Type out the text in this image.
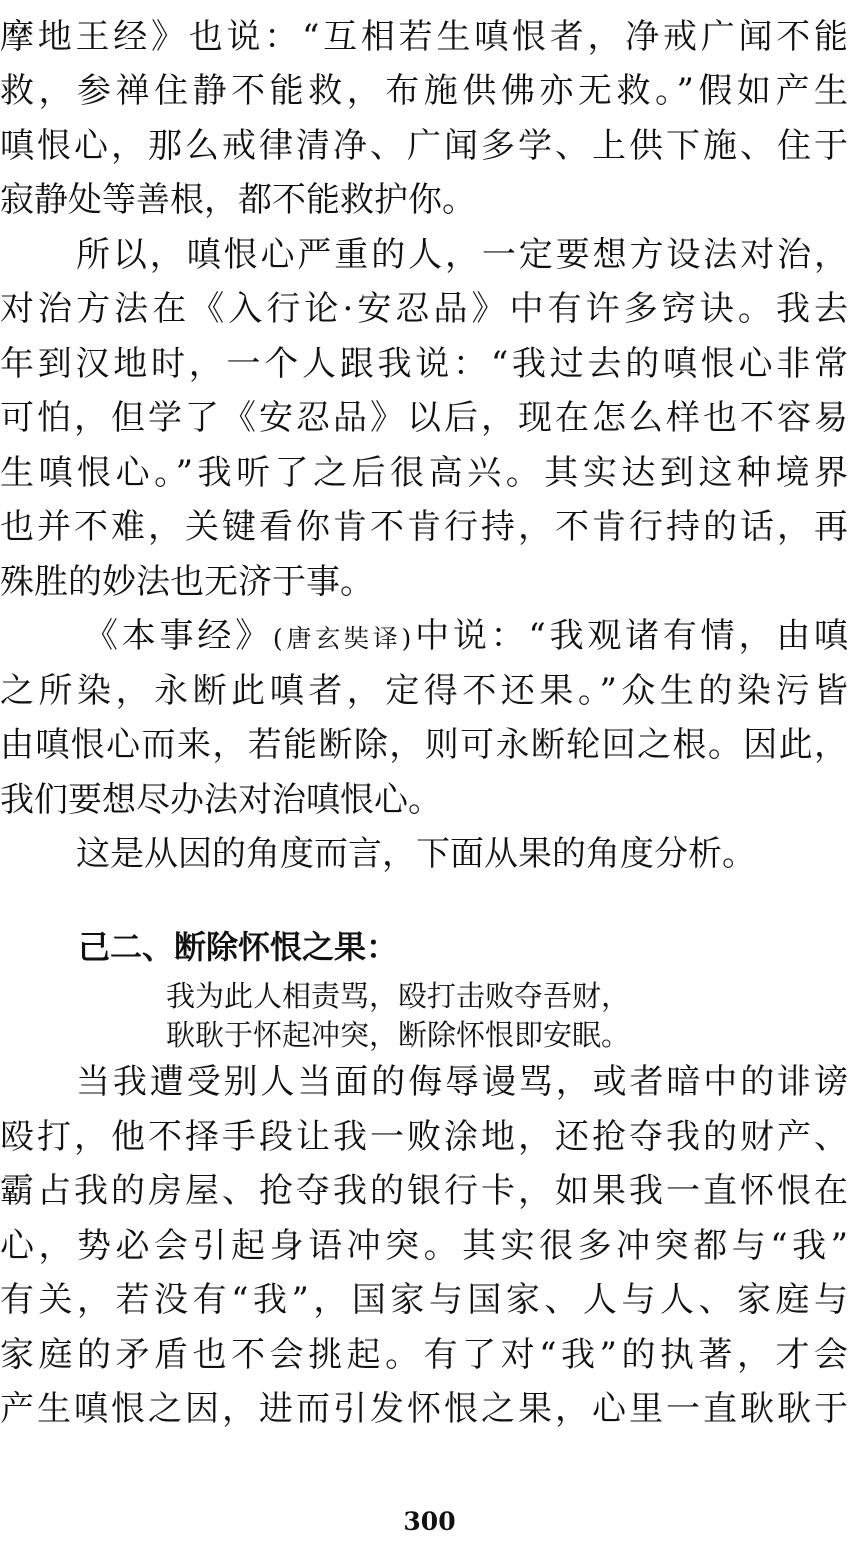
摩地王经》也说：“互相若生嗔恨者，净戒广闻不能
救，参禅住静不能救，布施供佛亦无救。”假如产生
嗔恨心，那么戒律清净、广闻多学、上供下施、住于
寂静处等善根，都不能救护你。
所以，嗔恨心严重的人，一定要想方设法对治，
对治方法在《入行论·安忍品》中有许多窍诀。我去
年到汉地时，一个人跟我说：“我过去的嗔恨心非常
可怕，但学了《安忍品》以后，现在怎么样也不容易
生嗔恨心。”我听了之后很高兴。其实达到这种境界
也并不难，关键看你肯不肯行持，不肯行持的话，再
殊胜的妙法也无济于事。
《本事经》(唐玄奘译)中说：“我观诸有情，由嗔
之所染，永断此嗔者，定得不还果。”众生的染污皆
由嗔恨心而来，若能断除，则可永断轮回之根。因此，
我们要想尽办法对治嗔恨心。
这是从因的角度而言，下面从果的角度分析。
己二、断除怀恨之果：
我为此人相责骂，殴打击败夺吾财，
耿耿于怀起冲突，断除怀恨即安眠。
当我遭受别人当面的侮辱谩骂，或者暗中的诽谤
殴打，他不择手段让我一败涂地，还抢夺我的财产、
霸占我的房屋、抢夺我的银行卡，如果我一直怀恨在
心，势必会引起身语冲突。其实很多冲突都与“我”
有关，若没有“我”，国家与国家、人与人、家庭与
家庭的矛盾也不会挑起。有了对“我”的执著，才会
产生嗔恨之因，进而引发怀恨之果，心里一直耿耿于
300
